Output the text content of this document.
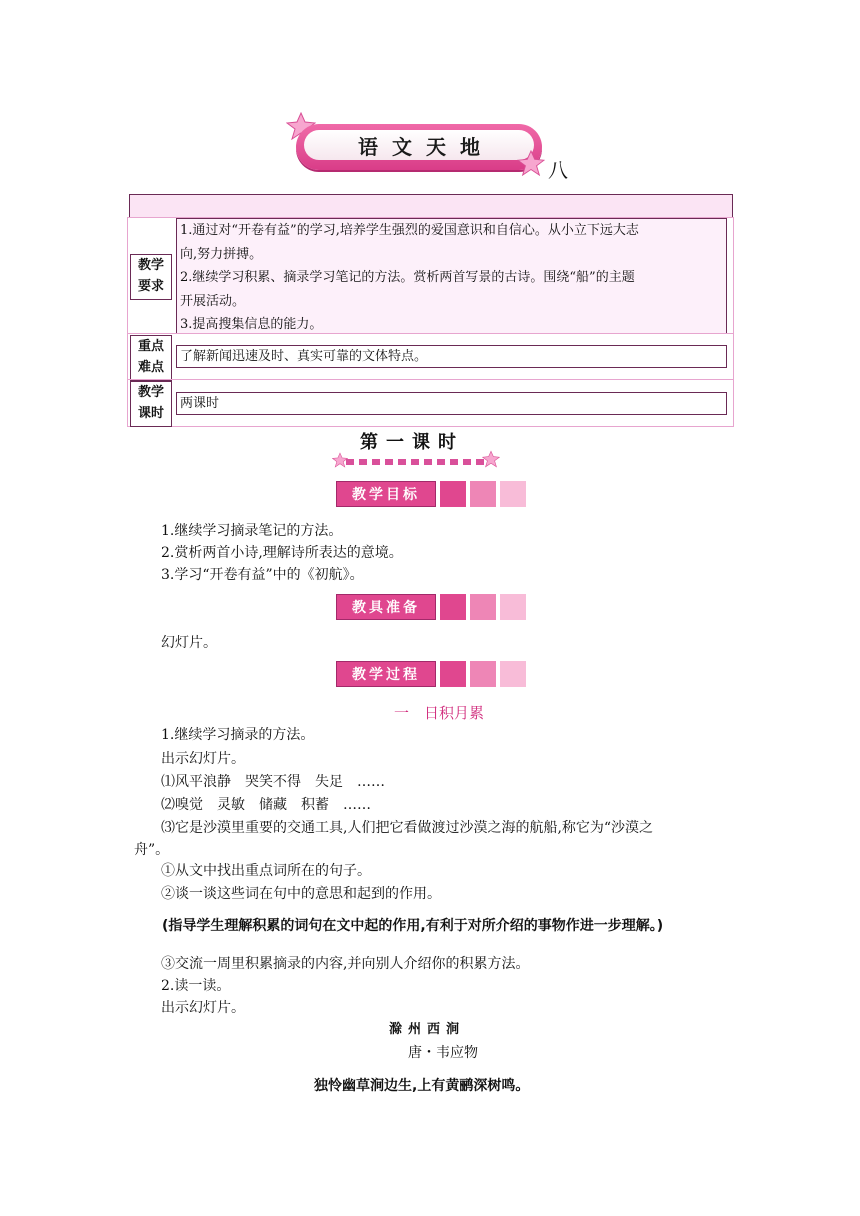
语文天地
八
教学
要求
1.通过对“开卷有益”的学习,培养学生强烈的爱国意识和自信心。从小立下远大志
向,努力拼搏。
2.继续学习积累、摘录学习笔记的方法。赏析两首写景的古诗。围绕“船”的主题
开展活动。
3.提高搜集信息的能力。
重点
难点
了解新闻迅速及时、真实可靠的文体特点。
教学
课时
两课时
第一课时
教学目标
1.继续学习摘录笔记的方法。
2.赏析两首小诗,理解诗所表达的意境。
3.学习“开卷有益”中的《初航》。
教具准备
幻灯片。
教学过程
一　日积月累
1.继续学习摘录的方法。
出示幻灯片。
⑴风平浪静　哭笑不得　失足　……
⑵嗅觉　灵敏　储藏　积蓄　……
⑶它是沙漠里重要的交通工具,人们把它看做渡过沙漠之海的航船,称它为“沙漠之
舟”。
①从文中找出重点词所在的句子。
②谈一谈这些词在句中的意思和起到的作用。
(指导学生理解积累的词句在文中起的作用,有利于对所介绍的事物作进一步理解。)
③交流一周里积累摘录的内容,并向别人介绍你的积累方法。
2.读一读。
出示幻灯片。
滁州西涧
唐・韦应物
独怜幽草涧边生,上有黄鹂深树鸣。
